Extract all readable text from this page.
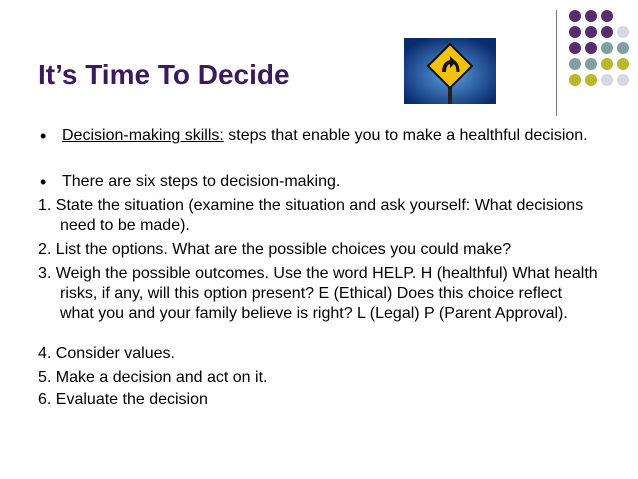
It’s Time To Decide
• Decision-making skills: steps that enable you to make a healthful decision.
• There are six steps to decision-making.
1. State the situation (examine the situation and ask yourself: What decisions need to be made).
2. List the options. What are the possible choices you could make?
3. Weigh the possible outcomes. Use the word HELP. H (healthful) What health risks, if any, will this option present? E (Ethical) Does this choice reflect what you and your family believe is right? L (Legal) P (Parent Approval).
4. Consider values.
5. Make a decision and act on it.
6. Evaluate the decision
